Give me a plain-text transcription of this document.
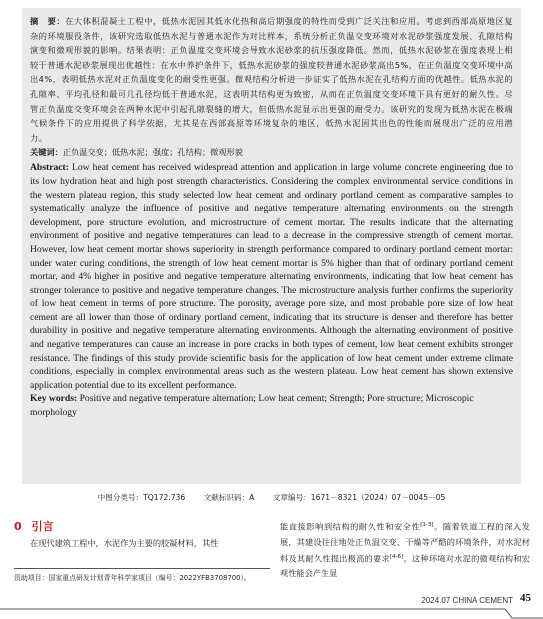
摘　要：在大体积混凝土工程中，低热水泥因其低水化热和高后期强度的特性而受到广泛关注和应用。考虑到西部高原地区复杂的环境服役条件，该研究选取低热水泥与普通水泥作为对比样本，系统分析正负温交变环境对水泥砂浆强度发展、孔隙结构演变和微观形貌的影响。结果表明：正负温度交变环境会导致水泥砂浆的抗压强度降低。然而，低热水泥砂浆在强度表现上相较于普通水泥砂浆展现出优越性：在水中养护条件下，低热水泥砂浆的强度较普通水泥砂浆高出5%，在正负温度交变环境中高出4%，表明低热水泥对正负温度变化的耐受性更强。微观结构分析进一步证实了低热水泥在孔结构方面的优越性。低热水泥的孔隙率、平均孔径和最可几孔径均低于普通水泥，这表明其结构更为致密，从而在正负温度交变环境下具有更好的耐久性。尽管正负温度交变环境会在两种水泥中引起孔隙裂缝的增大，但低热水泥显示出更强的耐受力。该研究的发现为低热水泥在极端气候条件下的应用提供了科学依据，尤其是在西部高原等环境复杂的地区，低热水泥因其出色的性能而展现出广泛的应用潜力。

关键词：正负温交变；低热水泥；强度；孔结构；微观形貌

Abstract: Low heat cement has received widespread attention and application in large volume concrete engineering due to its low hydration heat and high post strength characteristics. Considering the complex environmental service conditions in the western plateau region, this study selected low heat cement and ordinary portland cement as comparative samples to systematically analyze the influence of positive and negative temperature alternating environments on the strength development, pore structure evolution, and microstructure of cement mortar. The results indicate that the alternating environment of positive and negative temperatures can lead to a decrease in the compressive strength of cement mortar. However, low heat cement mortar shows superiority in strength performance compared to ordinary portland cement mortar: under water curing conditions, the strength of low heat cement mortar is 5% higher than that of ordinary portland cement mortar, and 4% higher in positive and negative temperature alternating environments, indicating that low heat cement has stronger tolerance to positive and negative temperature changes. The microstructure analysis further confirms the superiority of low heat cement in terms of pore structure. The porosity, average pore size, and most probable pore size of low heat cement are all lower than those of ordinary portland cement, indicating that its structure is denser and therefore has better durability in positive and negative temperature alternating environments. Although the alternating environment of positive and negative temperatures can cause an increase in pore cracks in both types of cement, low heat cement exhibits stronger resistance. The findings of this study provide scientific basis for the application of low heat cement under extreme climate conditions, especially in complex environmental areas such as the western plateau. Low heat cement has shown extensive application potential due to its excellent performance.

Key words: Positive and negative temperature alternation; Low heat cement; Strength; Pore structure; Microscopic morphology

中图分类号：TQ172.736 文献标识码：A 文章编号：1671－8321（2024）07－0045－05

0 引言

在现代建筑工程中，水泥作为主要的胶凝材料，其性

能直接影响到结构的耐久性和安全性[1-3]。随着铁道工程的深入发展，其建设往往地处正负温交变、干燥等严酷的环境条件，对水泥材料及其耐久性提出极高的要求[4-6]。这种环境对水泥的微观结构和宏观性能会产生显

资助项目：国家重点研发计划青年科学家项目（编号：2022YFB3708700）。
2024.07 CHINA CEMENT 45
